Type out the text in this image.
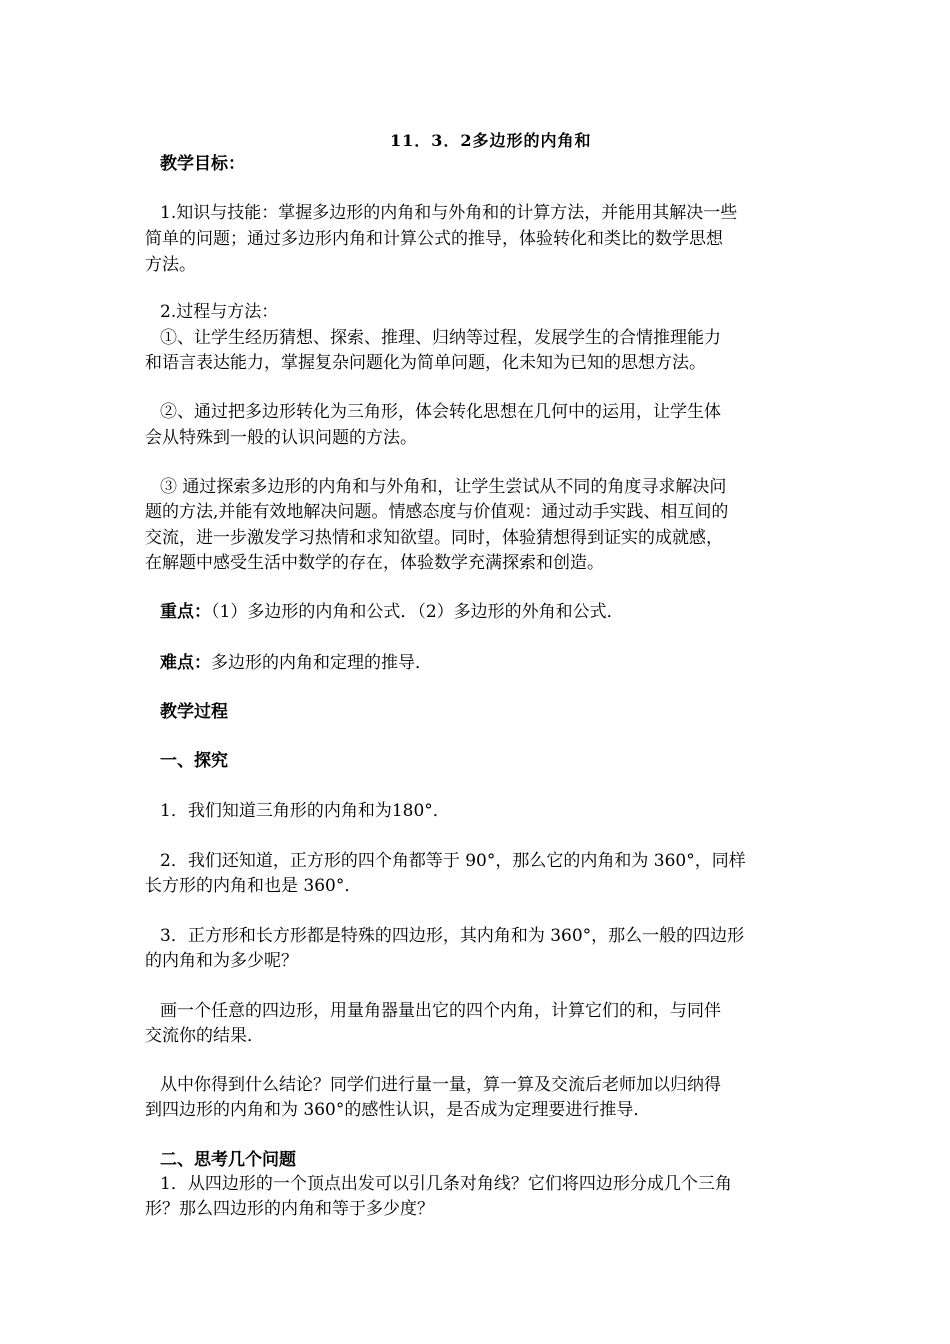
11．3．2多边形的内角和
教学目标：
1.知识与技能：掌握多边形的内角和与外角和的计算方法，并能用其解决一些
简单的问题；通过多边形内角和计算公式的推导，体验转化和类比的数学思想
方法。
2.过程与方法：
①、让学生经历猜想、探索、推理、归纳等过程，发展学生的合情推理能力
和语言表达能力，掌握复杂问题化为简单问题，化未知为已知的思想方法。
②、通过把多边形转化为三角形，体会转化思想在几何中的运用，让学生体
会从特殊到一般的认识问题的方法。
③ 通过探索多边形的内角和与外角和，让学生尝试从不同的角度寻求解决问
题的方法,并能有效地解决问题。情感态度与价值观：通过动手实践、相互间的
交流，进一步激发学习热情和求知欲望。同时，体验猜想得到证实的成就感，
在解题中感受生活中数学的存在，体验数学充满探索和创造。
重点：（1）多边形的内角和公式．（2）多边形的外角和公式．
难点：多边形的内角和定理的推导．
教学过程
一、探究
1．我们知道三角形的内角和为180°．
2．我们还知道，正方形的四个角都等于 90°，那么它的内角和为 360°，同样
长方形的内角和也是 360°．
3．正方形和长方形都是特殊的四边形，其内角和为 360°，那么一般的四边形
的内角和为多少呢？
画一个任意的四边形，用量角器量出它的四个内角，计算它们的和，与同伴
交流你的结果．
从中你得到什么结论？同学们进行量一量，算一算及交流后老师加以归纳得
到四边形的内角和为 360°的感性认识，是否成为定理要进行推导．
二、思考几个问题
1．从四边形的一个顶点出发可以引几条对角线？它们将四边形分成几个三角
形？那么四边形的内角和等于多少度？
